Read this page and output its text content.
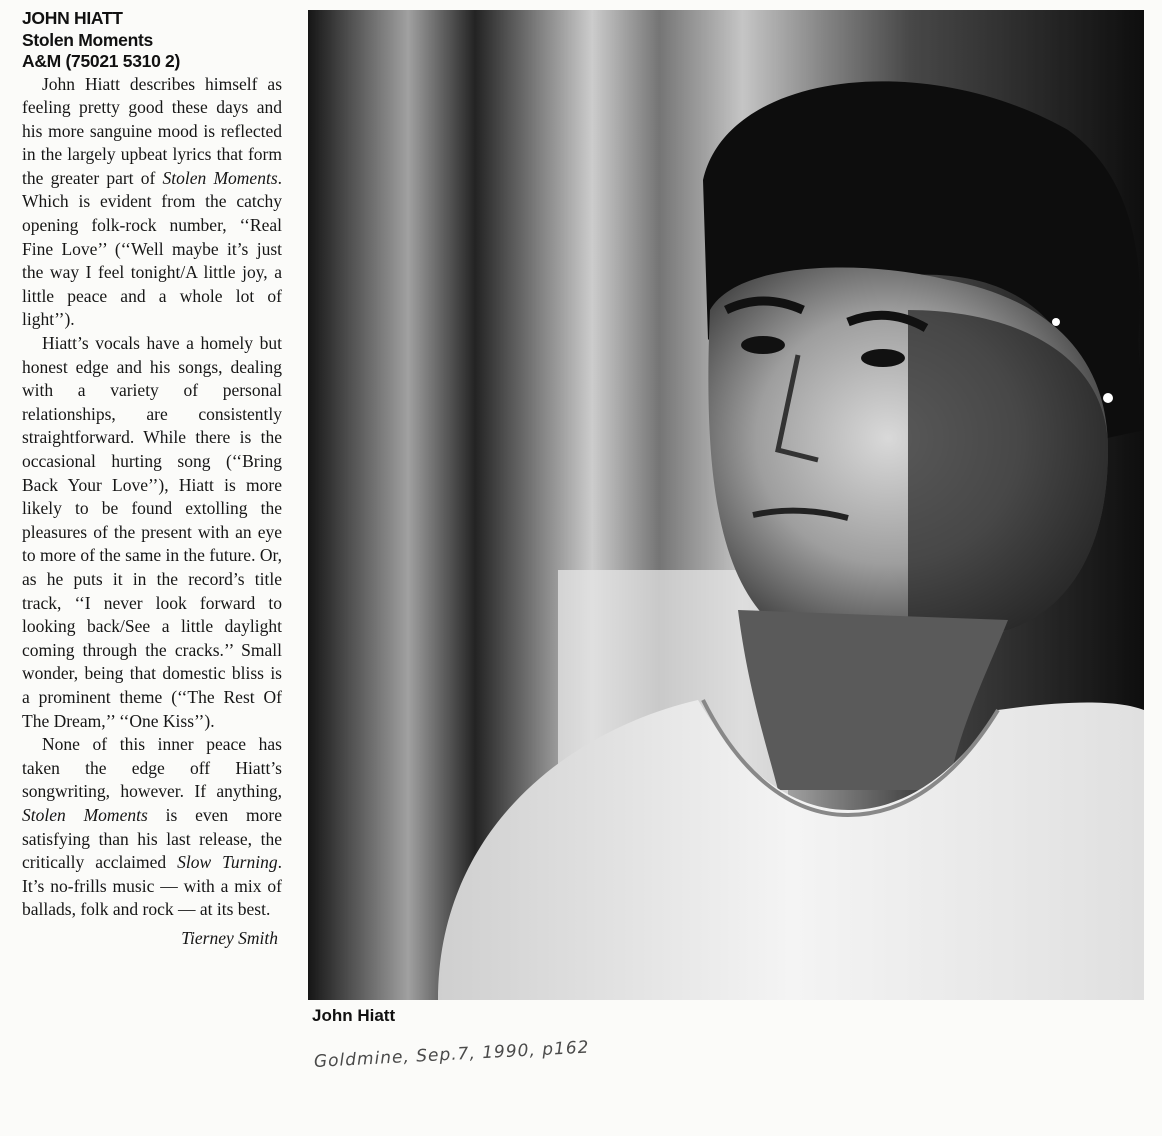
JOHN HIATT
Stolen Moments
A&M (75021 5310 2)

John Hiatt describes himself as feeling pretty good these days and his more sanguine mood is reflected in the largely upbeat lyrics that form the greater part of Stolen Moments. Which is evident from the catchy opening folk-rock number, ‘‘Real Fine Love’’ (‘‘Well maybe it’s just the way I feel tonight/A little joy, a little peace and a whole lot of light’’).

Hiatt’s vocals have a homely but honest edge and his songs, dealing with a variety of personal relationships, are consistently straightforward. While there is the occasional hurting song (‘‘Bring Back Your Love’’), Hiatt is more likely to be found extolling the pleasures of the present with an eye to more of the same in the future. Or, as he puts it in the record’s title track, ‘‘I never look forward to looking back/See a little daylight coming through the cracks.’’ Small wonder, being that domestic bliss is a prominent theme (‘‘The Rest Of The Dream,’’ ‘‘One Kiss’’).

None of this inner peace has taken the edge off Hiatt’s songwriting, however. If anything, Stolen Moments is even more satisfying than his last release, the critically acclaimed Slow Turning. It’s no-frills music — with a mix of ballads, folk and rock — at its best.

Tierney Smith
John Hiatt
Goldmine, Sep.7, 1990, p162
